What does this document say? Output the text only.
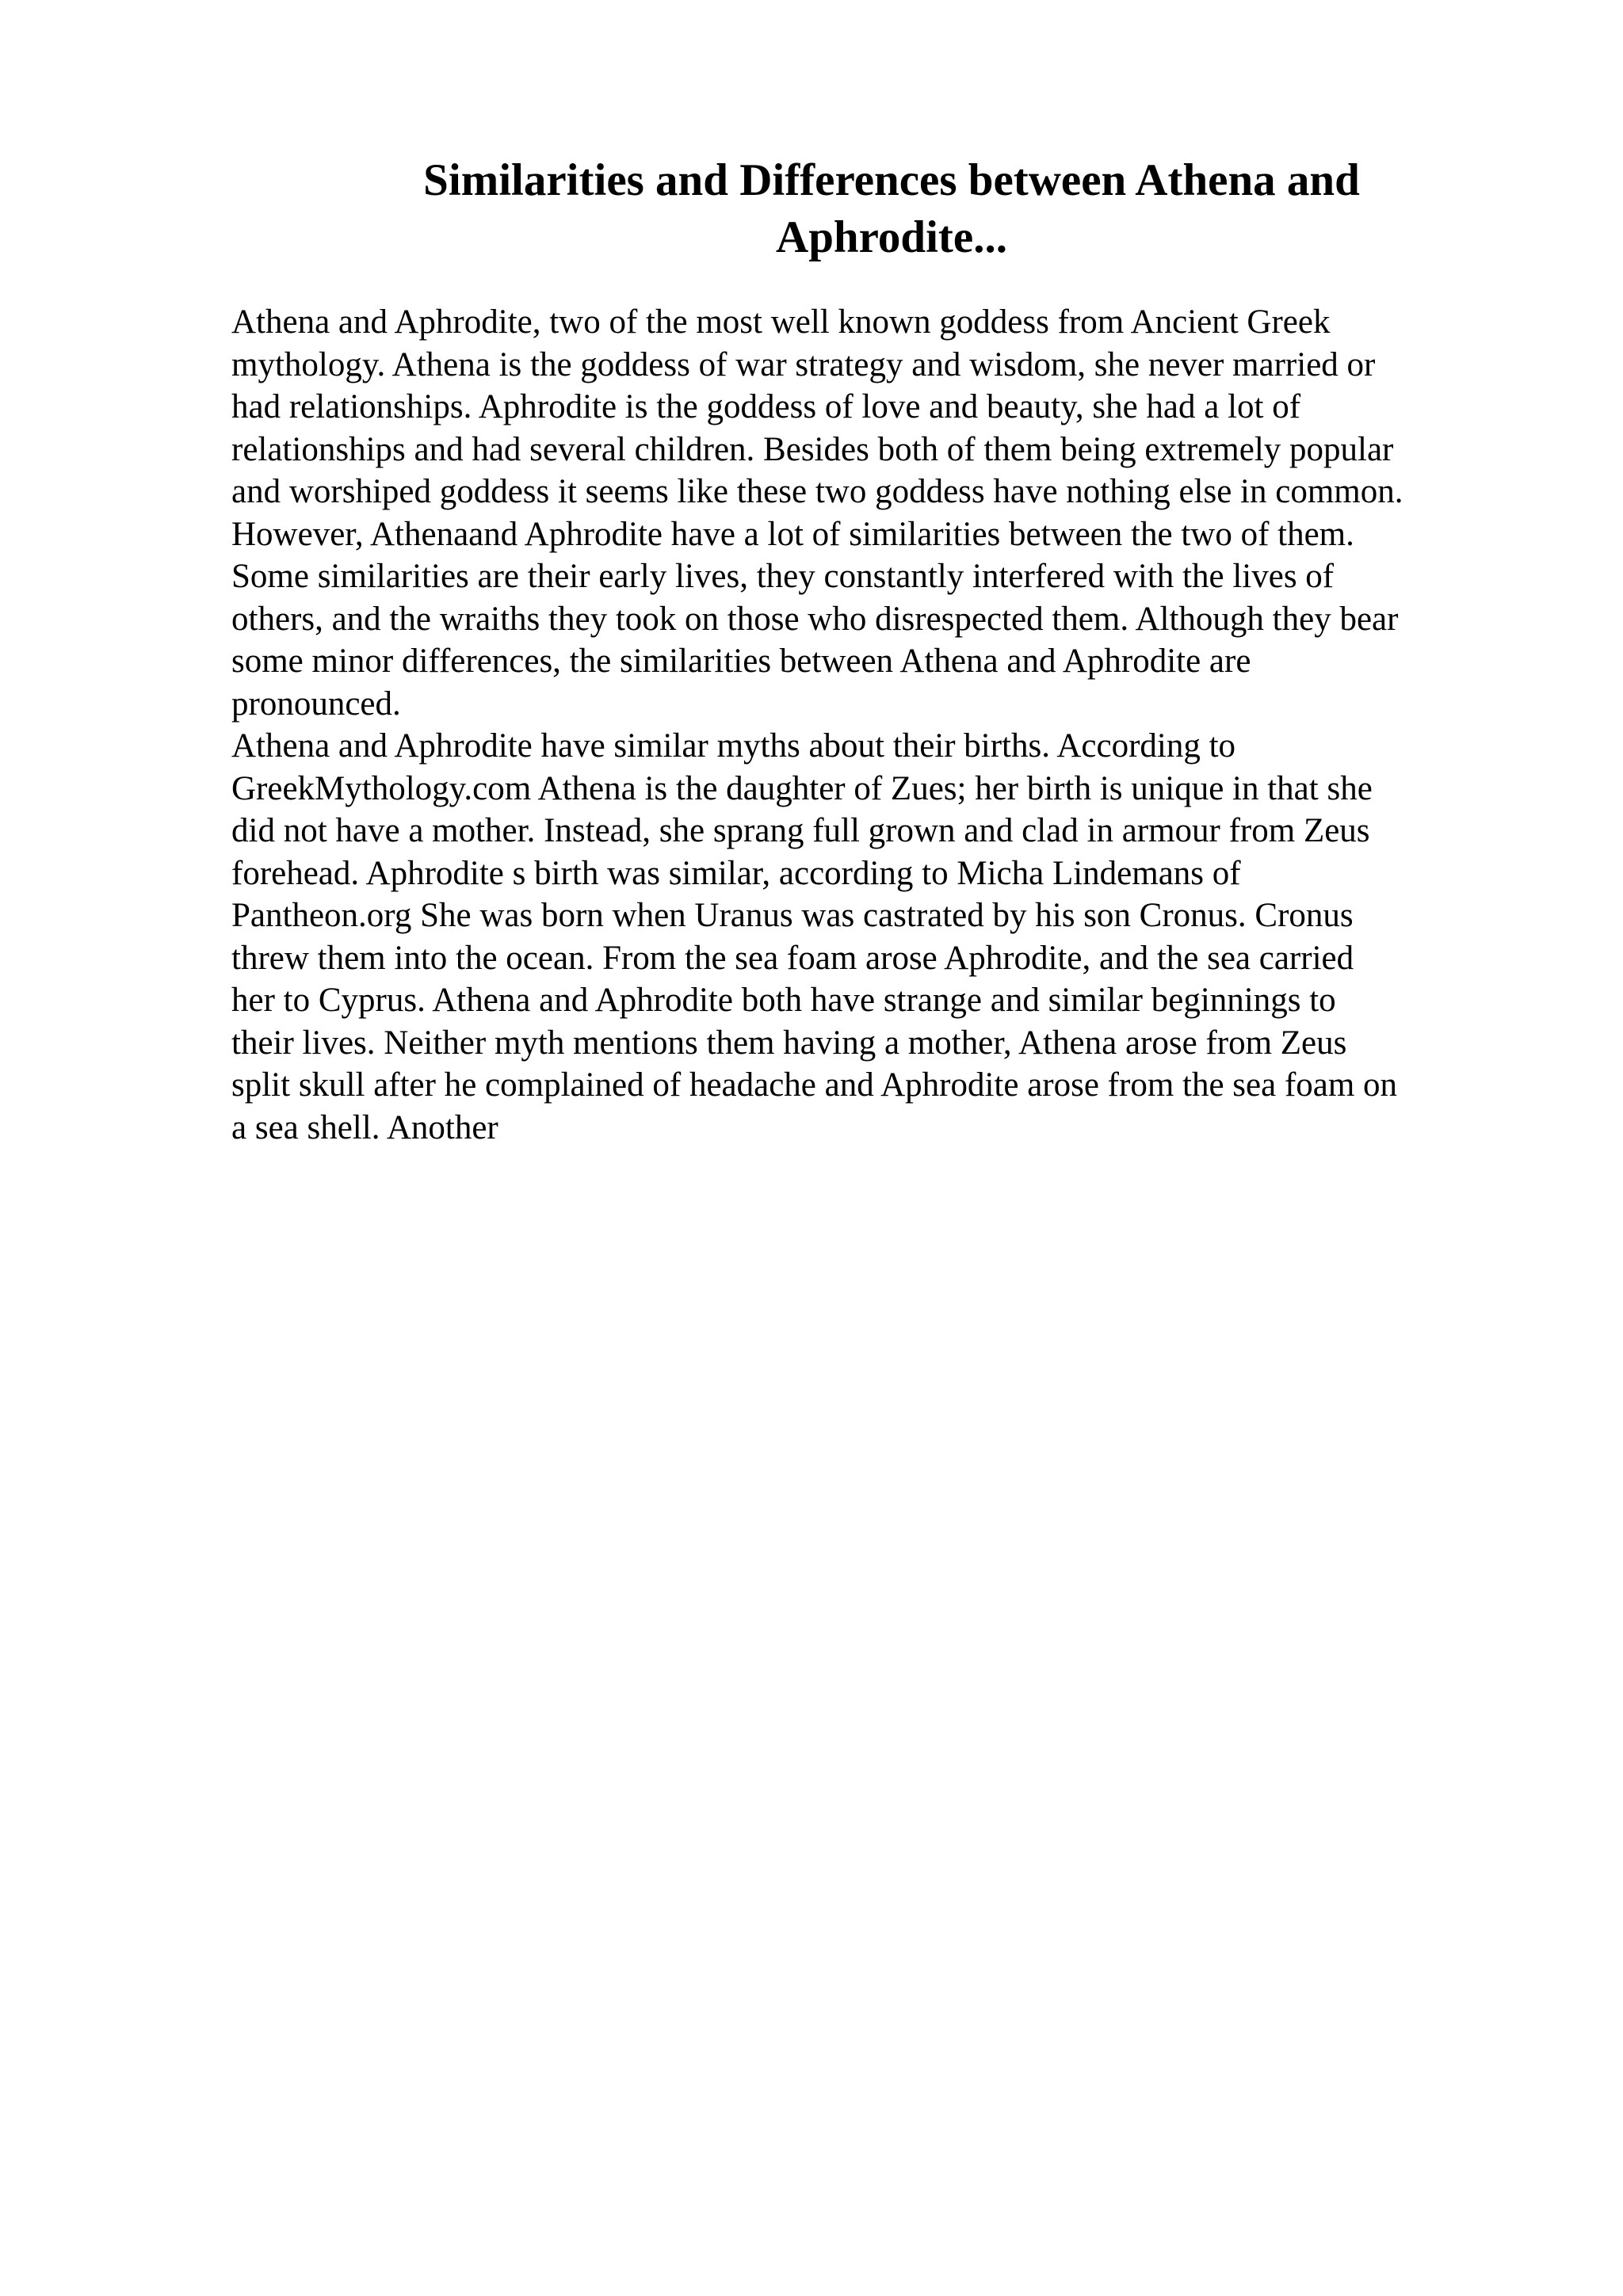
Similarities and Differences between Athena and
Aphrodite...
Athena and Aphrodite, two of the most well known goddess from Ancient Greek
mythology. Athena is the goddess of war strategy and wisdom, she never married or
had relationships. Aphrodite is the goddess of love and beauty, she had a lot of
relationships and had several children. Besides both of them being extremely popular
and worshiped goddess it seems like these two goddess have nothing else in common.
However, Athenaand Aphrodite have a lot of similarities between the two of them.
Some similarities are their early lives, they constantly interfered with the lives of
others, and the wraiths they took on those who disrespected them. Although they bear
some minor differences, the similarities between Athena and Aphrodite are
pronounced.
Athena and Aphrodite have similar myths about their births. According to
GreekMythology.com Athena is the daughter of Zues; her birth is unique in that she
did not have a mother. Instead, she sprang full grown and clad in armour from Zeus
forehead. Aphrodite s birth was similar, according to Micha Lindemans of
Pantheon.org She was born when Uranus was castrated by his son Cronus. Cronus
threw them into the ocean. From the sea foam arose Aphrodite, and the sea carried
her to Cyprus. Athena and Aphrodite both have strange and similar beginnings to
their lives. Neither myth mentions them having a mother, Athena arose from Zeus
split skull after he complained of headache and Aphrodite arose from the sea foam on
a sea shell. Another
